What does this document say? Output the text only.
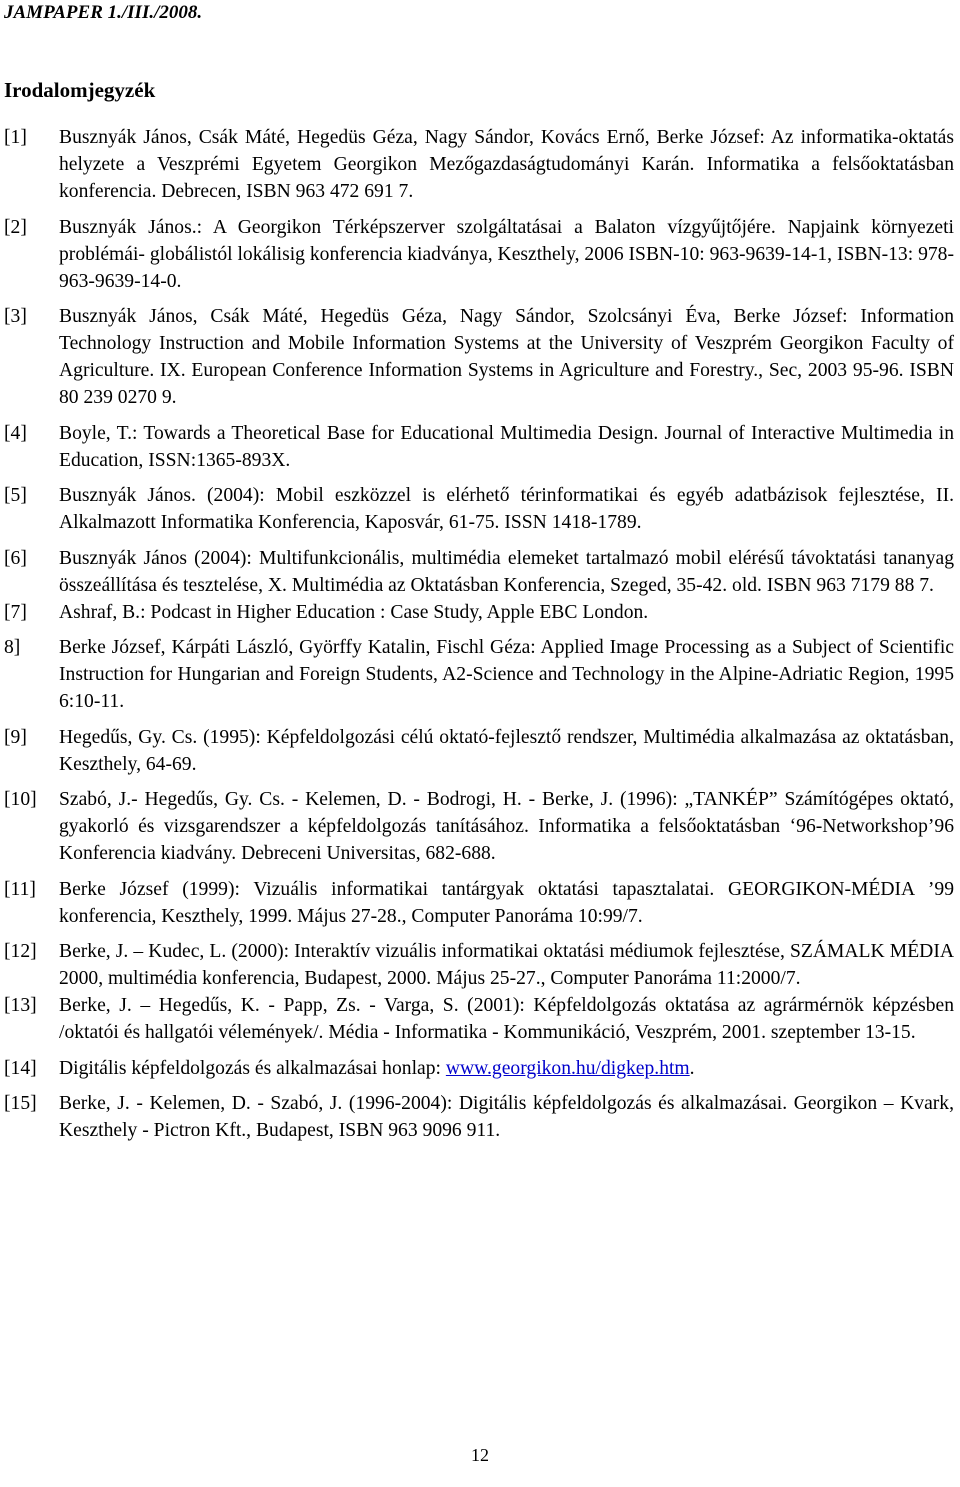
JAMPAPER 1./III./2008.
Irodalomjegyzék
[1]	Busznyák János, Csák Máté, Hegedüs Géza, Nagy Sándor, Kovács Ernő, Berke József: Az informatika-oktatás helyzete a Veszprémi Egyetem Georgikon Mezőgazdaságtudományi Karán. Informatika a felsőoktatásban konferencia. Debrecen, ISBN 963 472 691 7.
[2]	Busznyák János.: A Georgikon Térképszerver szolgáltatásai a Balaton vízgyűjtőjére. Napjaink környezeti problémái- globálistól lokálisig konferencia kiadványa, Keszthely, 2006 ISBN-10: 963-9639-14-1, ISBN-13: 978-963-9639-14-0.
[3]	Busznyák János, Csák Máté, Hegedüs Géza, Nagy Sándor, Szolcsányi Éva, Berke József: Information Technology Instruction and Mobile Information Systems at the University of Veszprém Georgikon Faculty of Agriculture. IX. European Conference Information Systems in Agriculture and Forestry., Sec, 2003 95-96. ISBN 80 239 0270 9.
[4]	Boyle, T.: Towards a Theoretical Base for Educational Multimedia Design. Journal of Interactive Multimedia in Education, ISSN:1365-893X.
[5]	Busznyák János. (2004): Mobil eszközzel is elérhető térinformatikai és egyéb adatbázisok fejlesztése, II. Alkalmazott Informatika Konferencia, Kaposvár, 61-75. ISSN 1418-1789.
[6]	Busznyák János (2004): Multifunkcionális, multimédia elemeket tartalmazó mobil elérésű távoktatási tananyag összeállítása és tesztelése, X. Multimédia az Oktatásban Konferencia, Szeged, 35-42. old. ISBN 963 7179 88 7.
[7]	Ashraf, B.: Podcast in Higher Education : Case Study, Apple EBC London.
8]	Berke József, Kárpáti László, Györffy Katalin, Fischl Géza: Applied Image Processing as a Subject of Scientific Instruction for Hungarian and Foreign Students, A2-Science and Technology in the Alpine-Adriatic Region, 1995 6:10-11.
[9]	Hegedűs, Gy. Cs. (1995): Képfeldolgozási célú oktató-fejlesztő rendszer, Multimédia alkalmazása az oktatásban, Keszthely, 64-69.
[10]	Szabó, J.- Hegedűs, Gy. Cs. - Kelemen, D. - Bodrogi, H. - Berke, J. (1996): „TANKÉP” Számítógépes oktató, gyakorló és vizsgarendszer a képfeldolgozás tanításához. Informatika a felsőoktatásban ‘96-Networkshop’96 Konferencia kiadvány. Debreceni Universitas, 682-688.
[11]	Berke József (1999): Vizuális informatikai tantárgyak oktatási tapasztalatai. GEORGIKON-MÉDIA ’99 konferencia, Keszthely, 1999. Május 27-28., Computer Panoráma 10:99/7.
[12]	Berke, J. – Kudec, L. (2000): Interaktív vizuális informatikai oktatási médiumok fejlesztése, SZÁMALK MÉDIA 2000, multimédia konferencia, Budapest, 2000. Május 25-27., Computer Panoráma 11:2000/7.
[13]	Berke, J. – Hegedűs, K. - Papp, Zs. - Varga, S. (2001): Képfeldolgozás oktatása az agrármérnök képzésben /oktatói és hallgatói vélemények/. Média - Informatika - Kommunikáció, Veszprém, 2001. szeptember 13-15.
[14]	Digitális képfeldolgozás és alkalmazásai honlap: www.georgikon.hu/digkep.htm.
[15]	Berke, J. - Kelemen, D. - Szabó, J. (1996-2004): Digitális képfeldolgozás és alkalmazásai. Georgikon – Kvark, Keszthely - Pictron Kft., Budapest, ISBN 963 9096 911.
12
